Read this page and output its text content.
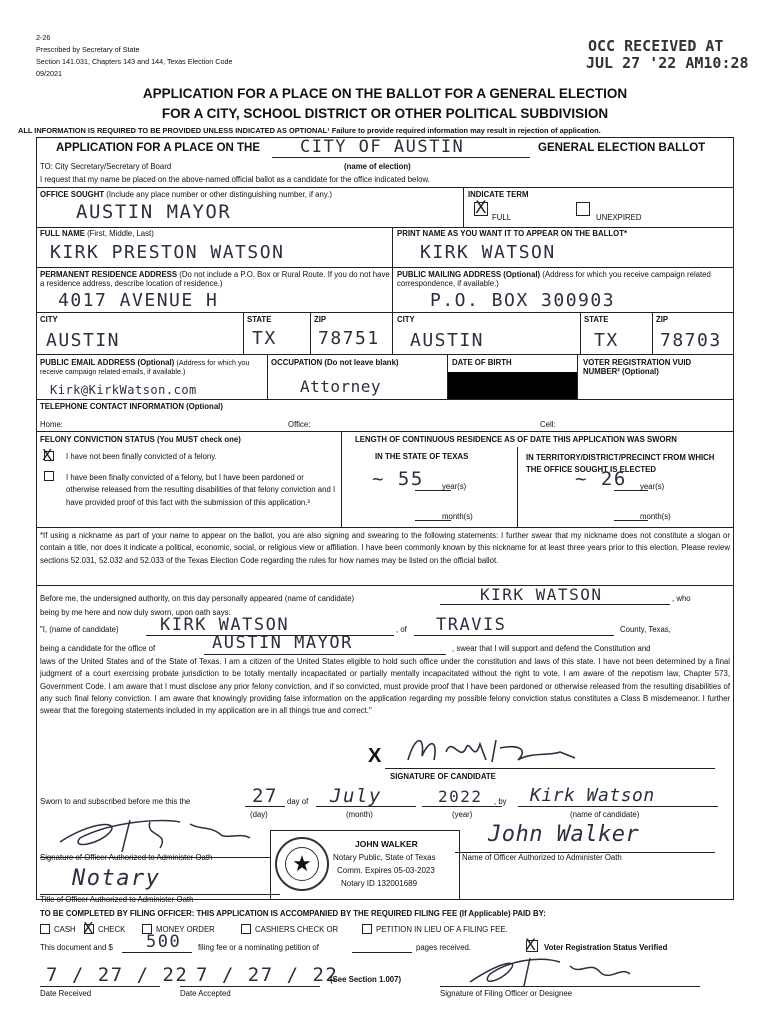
2-26
Prescribed by Secretary of State
Section 141.031, Chapters 143 and 144, Texas Election Code
09/2021
OCC RECEIVED AT
JUL 27 '22 AM10:28
APPLICATION FOR A PLACE ON THE BALLOT FOR A GENERAL ELECTION
FOR A CITY, SCHOOL DISTRICT OR OTHER POLITICAL SUBDIVISION
ALL INFORMATION IS REQUIRED TO BE PROVIDED UNLESS INDICATED AS OPTIONAL¹ Failure to provide required information may result in rejection of application.
APPLICATION FOR A PLACE ON THE CITY OF AUSTIN	GENERAL ELECTION BALLOT
TO: City Secretary/Secretary of Board	(name of election)
I request that my name be placed on the above-named official ballot as a candidate for the office indicated below.
OFFICE SOUGHT (Include any place number or other distinguishing number, if any.)
AUSTIN MAYOR
INDICATE TERM
X FULL	UNEXPIRED
FULL NAME (First, Middle, Last)
KIRK PRESTON WATSON
PRINT NAME AS YOU WANT IT TO APPEAR ON THE BALLOT*
KIRK WATSON
PERMANENT RESIDENCE ADDRESS (Do not include a P.O. Box or Rural Route. If you do not have a residence address, describe location of residence.)
4017 AVENUE H
PUBLIC MAILING ADDRESS (Optional) (Address for which you receive campaign related correspondence, if available.)
P.O. BOX 300903
CITY	STATE	ZIP
AUSTIN	TX 78751
CITY	STATE	ZIP
AUSTIN	TX 78703
PUBLIC EMAIL ADDRESS (Optional) (Address for which you receive campaign related emails, if available.)
Kirk@KirkWatson.com
OCCUPATION (Do not leave blank)
Attorney
DATE OF BIRTH	VOTER REGISTRATION VUID NUMBER² (Optional)
TELEPHONE CONTACT INFORMATION (Optional)
Home:	Office:	Cell:
FELONY CONVICTION STATUS (You MUST check one)
X I have not been finally convicted of a felony.
I have been finally convicted of a felony, but I have been pardoned or otherwise released from the resulting disabilities of that felony conviction and I have provided proof of this fact with the submission of this application.³
LENGTH OF CONTINUOUS RESIDENCE AS OF DATE THIS APPLICATION WAS SWORN
IN THE STATE OF TEXAS	IN TERRITORY/DISTRICT/PRECINCT FROM WHICH THE OFFICE SOUGHT IS ELECTED
~ 55 year(s)
month(s)
~ 26 year(s)
month(s)
*If using a nickname as part of your name to appear on the ballot, you are also signing and swearing to the following statements: I further swear that my nickname does not constitute a slogan or contain a title, nor does it indicate a political, economic, social, or religious view or affiliation. I have been commonly known by this nickname for at least three years prior to this election. Please review sections 52.031, 52.032 and 52.033 of the Texas Election Code regarding the rules for how names may be listed on the official ballot.
Before me, the undersigned authority, on this day personally appeared (name of candidate)	KIRK WATSON	, who
being by me here and now duly sworn, upon oath says:
"I, (name of candidate) KIRK WATSON	, of TRAVIS	County, Texas,
being a candidate for the office of	AUSTIN MAYOR	, swear that I will support and defend the Constitution and
laws of the United States and of the State of Texas. I am a citizen of the United States eligible to hold such office under the constitution and laws of this state. I have not been determined by a final judgment of a court exercising probate jurisdiction to be totally mentally incapacitated or partially mentally incapacitated without the right to vote. I am aware of the nepotism law, Chapter 573, Government Code. I am aware that I must disclose any prior felony conviction, and if so convicted, must provide proof that I have been pardoned or otherwise released from the resulting disabilities of any such final felony conviction. I am aware that knowingly providing false information on the application regarding my possible felony conviction status constitutes a Class B misdemeanor. I further swear that the foregoing statements included in my application are in all things true and correct."
X
SIGNATURE OF CANDIDATE
Sworn to and subscribed before me this the	27 day of July	2022 , by Kirk Watson
(day)	(month)	(year)	(name of candidate)
Signature of Officer Authorized to Administer Oath	★
JOHN WALKER
Notary Public, State of Texas
Comm. Expires 05-03-2023
Notary ID 132001689
John Walker
Name of Officer Authorized to Administer Oath
Notary
Title of Officer Authorized to Administer Oath
TO BE COMPLETED BY FILING OFFICER: THIS APPLICATION IS ACCOMPANIED BY THE REQUIRED FILING FEE (If Applicable) PAID BY:
CASH X CHECK	MONEY ORDER	CASHIERS CHECK OR	PETITION IN LIEU OF A FILING FEE.
This document and $ 500 filing fee or a nominating petition of	pages received.	X Voter Registration Status Verified
7 / 27 / 22 7 / 27 / 22
(See Section 1.007)
Date Received	Date Accepted	Signature of Filing Officer or Designee
